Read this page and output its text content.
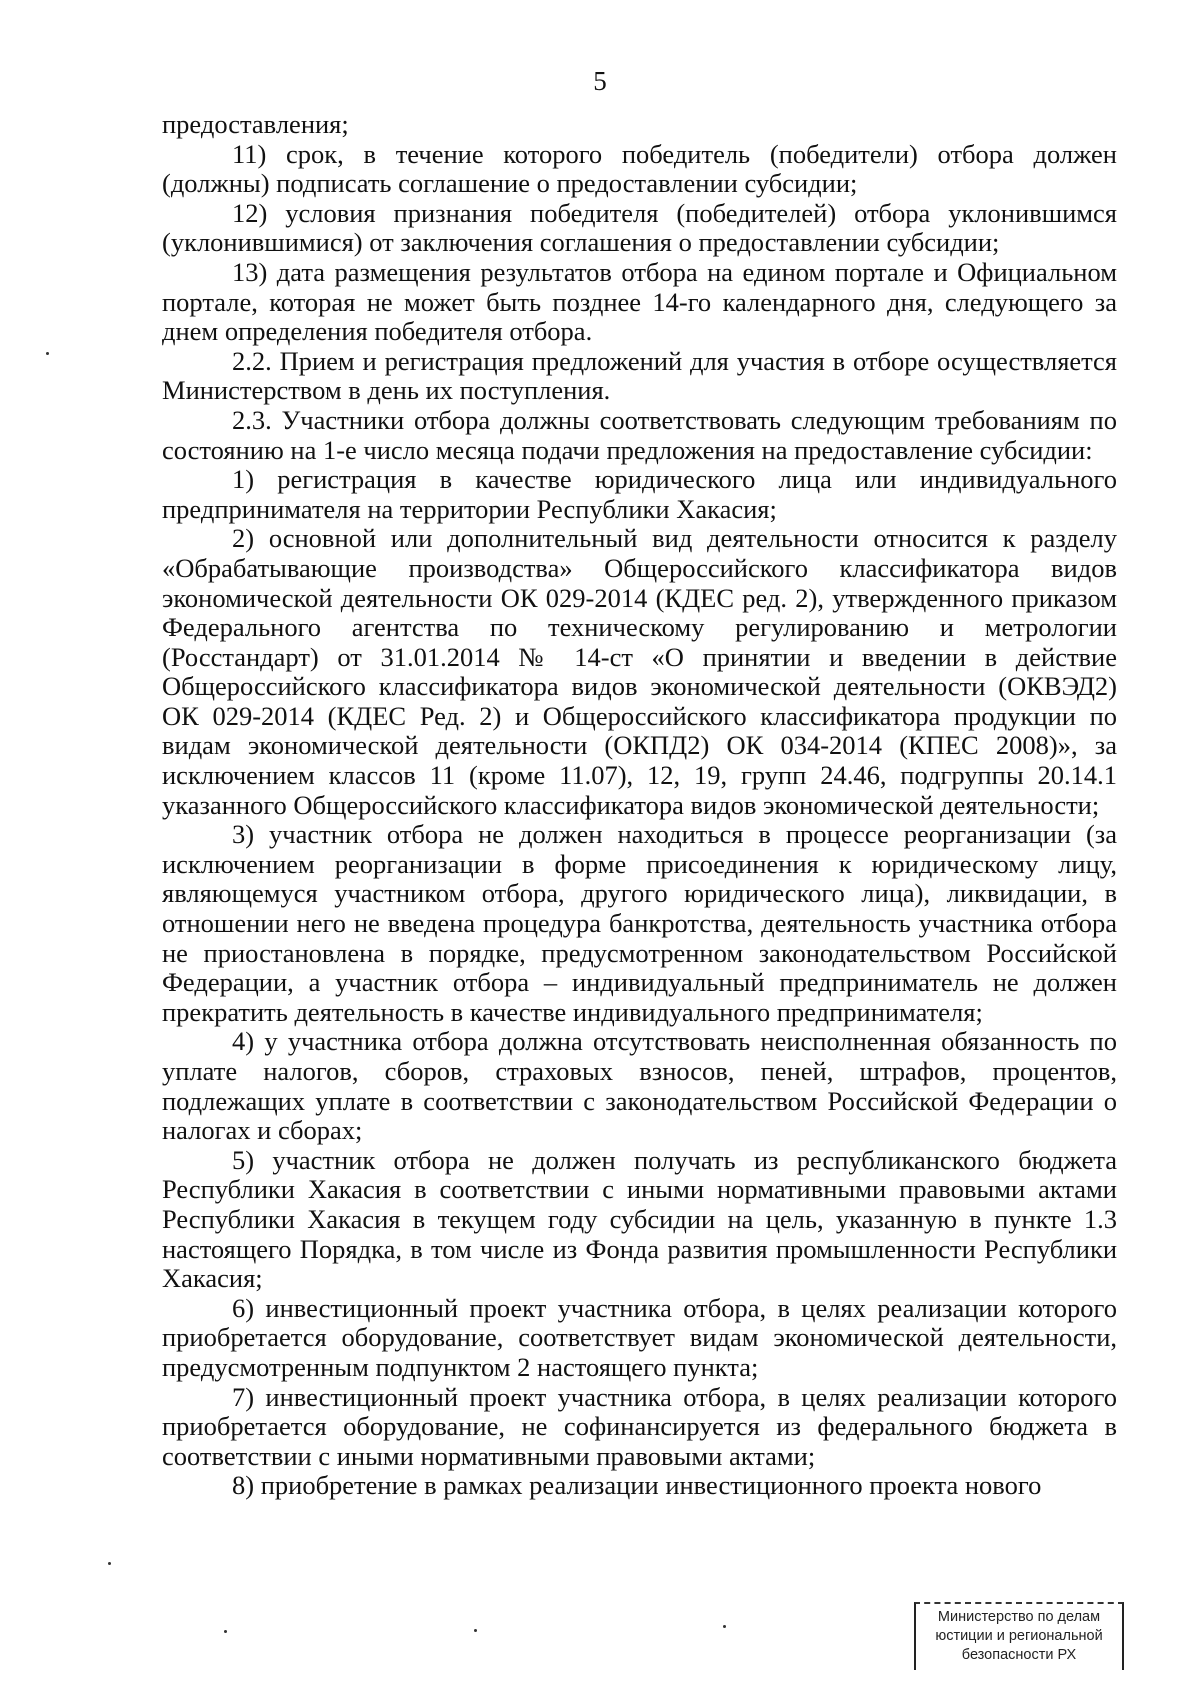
5

предоставления;

11) срок, в течение которого победитель (победители) отбора должен (должны) подписать соглашение о предоставлении субсидии;

12) условия признания победителя (победителей) отбора уклонившимся (уклонившимися) от заключения соглашения о предоставлении субсидии;

13) дата размещения результатов отбора на едином портале и Официальном портале, которая не может быть позднее 14-го календарного дня, следующего за днем определения победителя отбора.

2.2. Прием и регистрация предложений для участия в отборе осуществляется Министерством в день их поступления.

2.3. Участники отбора должны соответствовать следующим требованиям по состоянию на 1-е число месяца подачи предложения на предоставление субсидии:

1) регистрация в качестве юридического лица или индивидуального предпринимателя на территории Республики Хакасия;

2) основной или дополнительный вид деятельности относится к разделу «Обрабатывающие производства» Общероссийского классификатора видов экономической деятельности ОК 029-2014 (КДЕС ред. 2), утвержденного приказом Федерального агентства по техническому регулированию и метрологии (Росстандарт) от 31.01.2014 № 14-ст «О принятии и введении в действие Общероссийского классификатора видов экономической деятельности (ОКВЭД2) ОК 029-2014 (КДЕС Ред. 2) и Общероссийского классификатора продукции по видам экономической деятельности (ОКПД2) ОК 034-2014 (КПЕС 2008)», за исключением классов 11 (кроме 11.07), 12, 19, групп 24.46, подгруппы 20.14.1 указанного Общероссийского классификатора видов экономической деятельности;

3) участник отбора не должен находиться в процессе реорганизации (за исключением реорганизации в форме присоединения к юридическому лицу, являющемуся участником отбора, другого юридического лица), ликвидации, в отношении него не введена процедура банкротства, деятельность участника отбора не приостановлена в порядке, предусмотренном законодательством Российской Федерации, а участник отбора – индивидуальный предприниматель не должен прекратить деятельность в качестве индивидуального предпринимателя;

4) у участника отбора должна отсутствовать неисполненная обязанность по уплате налогов, сборов, страховых взносов, пеней, штрафов, процентов, подлежащих уплате в соответствии с законодательством Российской Федерации о налогах и сборах;

5) участник отбора не должен получать из республиканского бюджета Республики Хакасия в соответствии с иными нормативными правовыми актами Республики Хакасия в текущем году субсидии на цель, указанную в пункте 1.3 настоящего Порядка, в том числе из Фонда развития промышленности Республики Хакасия;

6) инвестиционный проект участника отбора, в целях реализации которого приобретается оборудование, соответствует видам экономической деятельности, предусмотренным подпунктом 2 настоящего пункта;

7) инвестиционный проект участника отбора, в целях реализации которого приобретается оборудование, не софинансируется из федерального бюджета в соответствии с иными нормативными правовыми актами;

8) приобретение в рамках реализации инвестиционного проекта нового

Министерство по делам
юстиции и региональной
безопасности РХ
